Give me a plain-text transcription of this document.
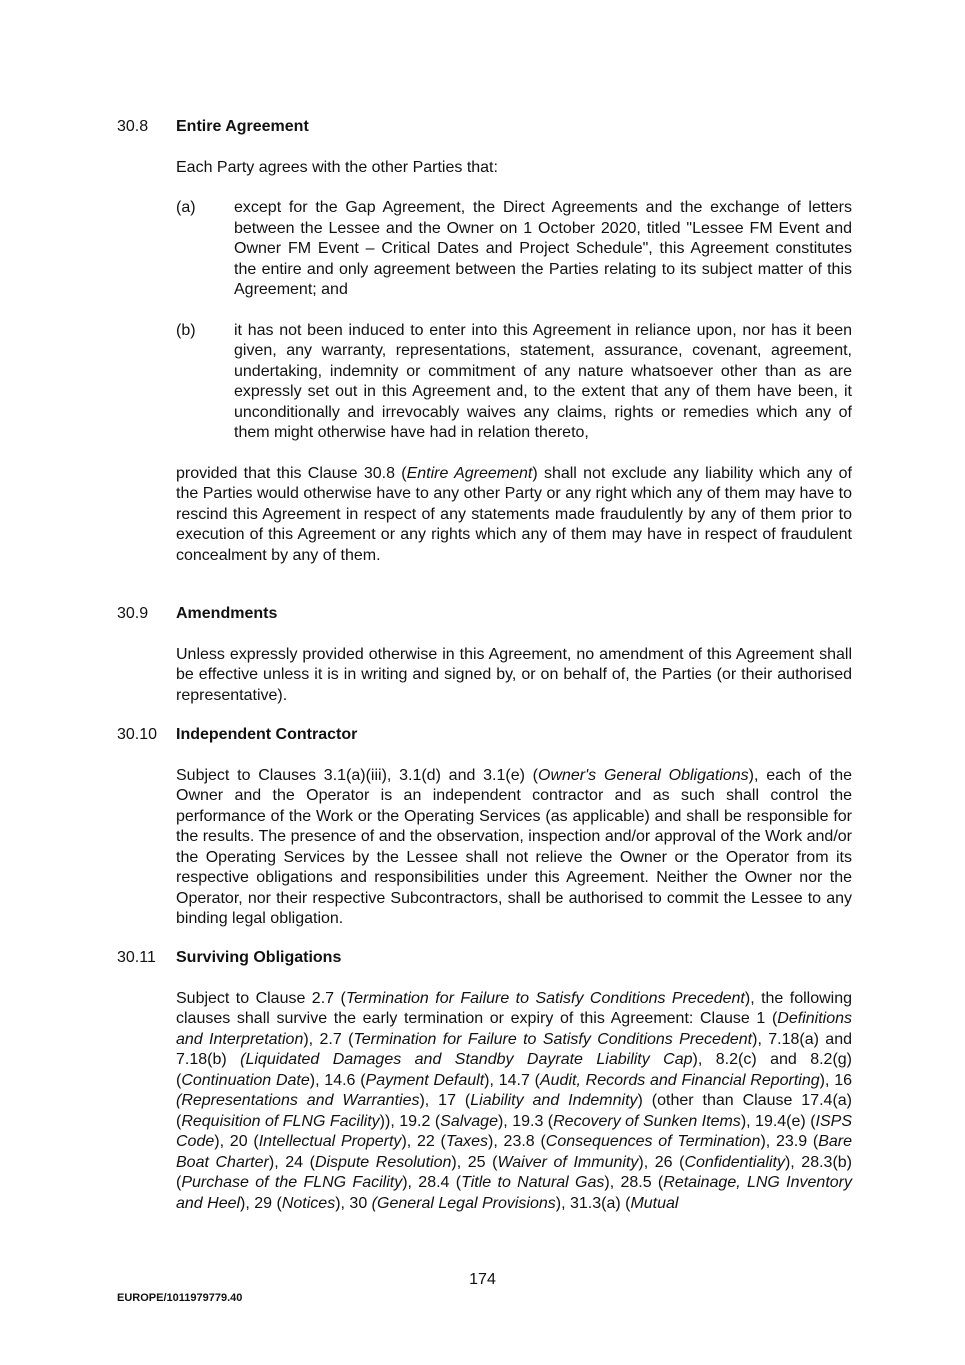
30.8 Entire Agreement
Each Party agrees with the other Parties that:
(a) except for the Gap Agreement, the Direct Agreements and the exchange of letters between the Lessee and the Owner on 1 October 2020, titled "Lessee FM Event and Owner FM Event – Critical Dates and Project Schedule", this Agreement constitutes the entire and only agreement between the Parties relating to its subject matter of this Agreement; and
(b) it has not been induced to enter into this Agreement in reliance upon, nor has it been given, any warranty, representations, statement, assurance, covenant, agreement, undertaking, indemnity or commitment of any nature whatsoever other than as are expressly set out in this Agreement and, to the extent that any of them have been, it unconditionally and irrevocably waives any claims, rights or remedies which any of them might otherwise have had in relation thereto,
provided that this Clause 30.8 (Entire Agreement) shall not exclude any liability which any of the Parties would otherwise have to any other Party or any right which any of them may have to rescind this Agreement in respect of any statements made fraudulently by any of them prior to execution of this Agreement or any rights which any of them may have in respect of fraudulent concealment by any of them.
30.9 Amendments
Unless expressly provided otherwise in this Agreement, no amendment of this Agreement shall be effective unless it is in writing and signed by, or on behalf of, the Parties (or their authorised representative).
30.10 Independent Contractor
Subject to Clauses 3.1(a)(iii), 3.1(d) and 3.1(e) (Owner's General Obligations), each of the Owner and the Operator is an independent contractor and as such shall control the performance of the Work or the Operating Services (as applicable) and shall be responsible for the results. The presence of and the observation, inspection and/or approval of the Work and/or the Operating Services by the Lessee shall not relieve the Owner or the Operator from its respective obligations and responsibilities under this Agreement. Neither the Owner nor the Operator, nor their respective Subcontractors, shall be authorised to commit the Lessee to any binding legal obligation.
30.11 Surviving Obligations
Subject to Clause 2.7 (Termination for Failure to Satisfy Conditions Precedent), the following clauses shall survive the early termination or expiry of this Agreement: Clause 1 (Definitions and Interpretation), 2.7 (Termination for Failure to Satisfy Conditions Precedent), 7.18(a) and 7.18(b) (Liquidated Damages and Standby Dayrate Liability Cap), 8.2(c) and 8.2(g) (Continuation Date), 14.6 (Payment Default), 14.7 (Audit, Records and Financial Reporting), 16 (Representations and Warranties), 17 (Liability and Indemnity) (other than Clause 17.4(a) (Requisition of FLNG Facility)), 19.2 (Salvage), 19.3 (Recovery of Sunken Items), 19.4(e) (ISPS Code), 20 (Intellectual Property), 22 (Taxes), 23.8 (Consequences of Termination), 23.9 (Bare Boat Charter), 24 (Dispute Resolution), 25 (Waiver of Immunity), 26 (Confidentiality), 28.3(b) (Purchase of the FLNG Facility), 28.4 (Title to Natural Gas), 28.5 (Retainage, LNG Inventory and Heel), 29 (Notices), 30 (General Legal Provisions), 31.3(a) (Mutual
174
EUROPE/1011979779.40
